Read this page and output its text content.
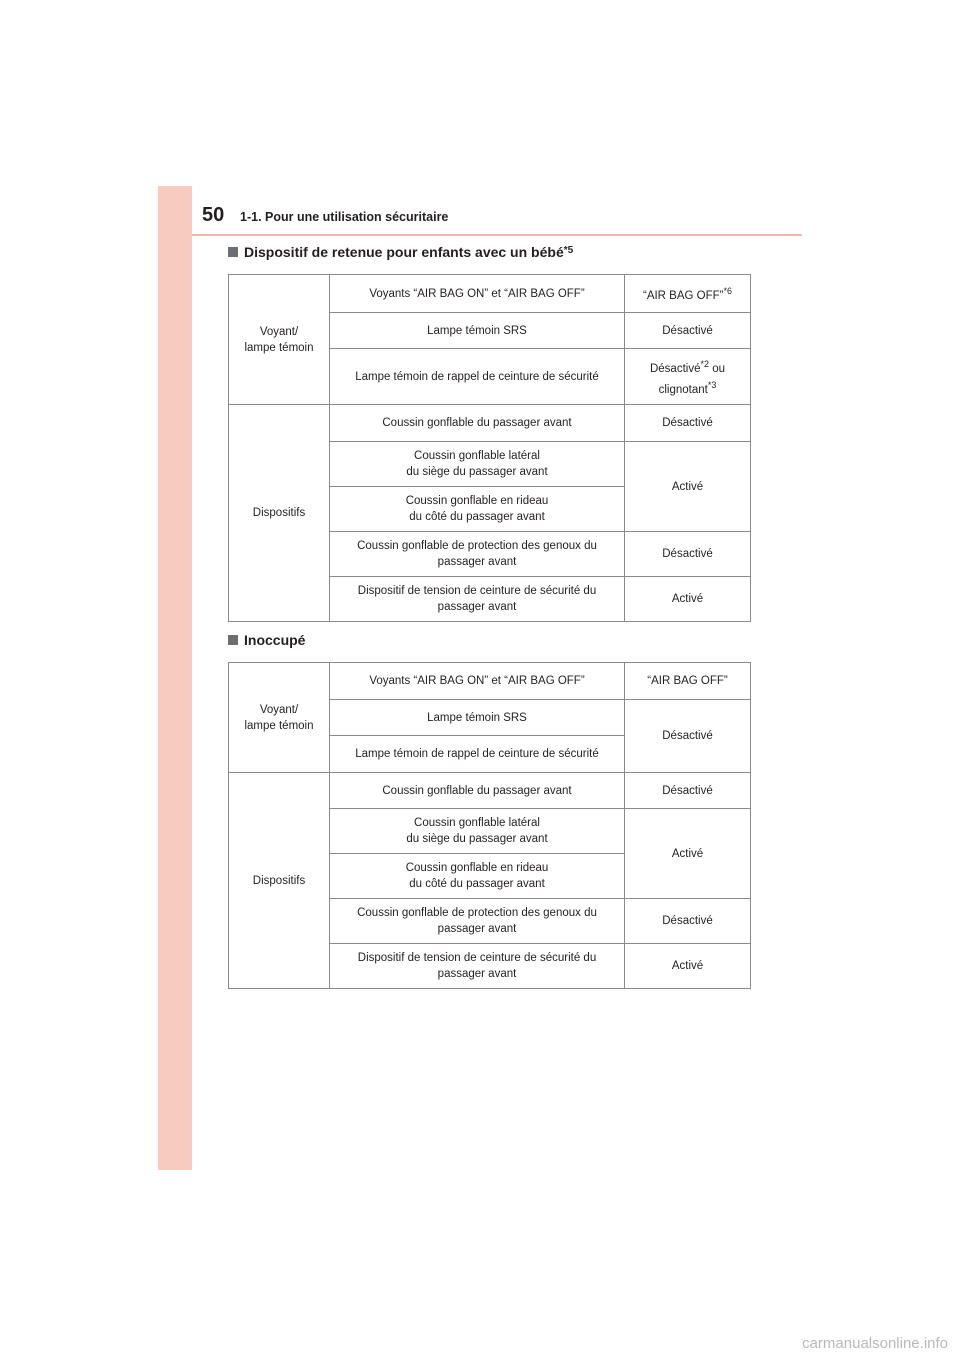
50 1-1. Pour une utilisation sécuritaire
Dispositif de retenue pour enfants avec un bébé$^{*5}$
Voyant/
lampe témoin	Voyants “AIR BAG ON” et “AIR BAG OFF”	“AIR BAG OFF”$^{*6}$
	Lampe témoin SRS	Désactivé
	Lampe témoin de rappel de ceinture de sécurité	Désactivé$^{*2}$ ou clignotant$^{*3}$
Dispositifs	Coussin gonflable du passager avant	Désactivé
	Coussin gonflable latéral
du siège du passager avant	Activé
	Coussin gonflable en rideau
du côté du passager avant	
	Coussin gonflable de protection des genoux du passager avant	Désactivé
	Dispositif de tension de ceinture de sécurité du passager avant	Activé
Inoccupé
Voyant/
lampe témoin	Voyants “AIR BAG ON” et “AIR BAG OFF”	“AIR BAG OFF”
	Lampe témoin SRS	Désactivé
	Lampe témoin de rappel de ceinture de sécurité	
Dispositifs	Coussin gonflable du passager avant	Désactivé
	Coussin gonflable latéral
du siège du passager avant	Activé
	Coussin gonflable en rideau
du côté du passager avant	
	Coussin gonflable de protection des genoux du passager avant	Désactivé
	Dispositif de tension de ceinture de sécurité du passager avant	Activé
carmanualsonline.info
